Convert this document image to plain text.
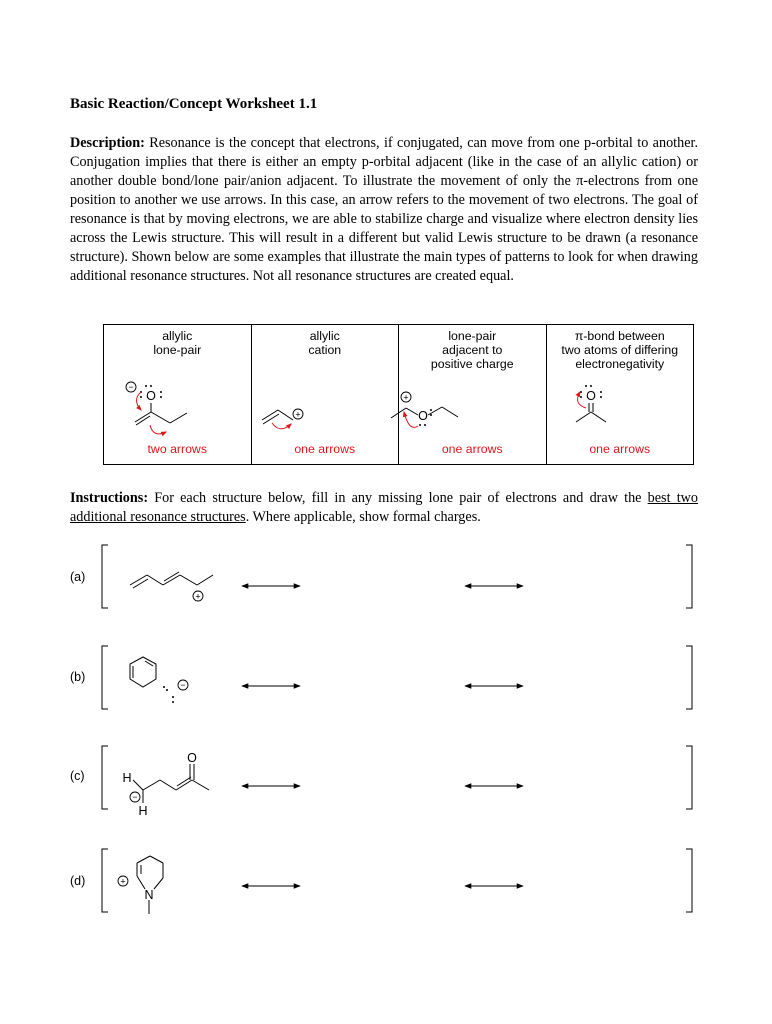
Basic Reaction/Concept Worksheet 1.1
Description: Resonance is the concept that electrons, if conjugated, can move from one p-orbital to another. Conjugation implies that there is either an empty p-orbital adjacent (like in the case of an allylic cation) or another double bond/lone pair/anion adjacent. To illustrate the movement of only the π-electrons from one position to another we use arrows. In this case, an arrow refers to the movement of two electrons. The goal of resonance is that by moving electrons, we are able to stabilize charge and visualize where electron density lies across the Lewis structure. This will result in a different but valid Lewis structure to be drawn (a resonance structure). Shown below are some examples that illustrate the main types of patterns to look for when drawing additional resonance structures. Not all resonance structures are created equal.
allylic
lone-pair
two arrows

allylic
cation
one arrows

lone-pair
adjacent to
positive charge
one arrows

π-bond between
two atoms of differing
electronegativity
one arrows
Instructions: For each structure below, fill in any missing lone pair of electrons and draw the best two additional resonance structures. Where applicable, show formal charges.
(a)
(b)
(c)
(d)
−
O
+
+
O
O
+
−
H
H
−
O
N
+
